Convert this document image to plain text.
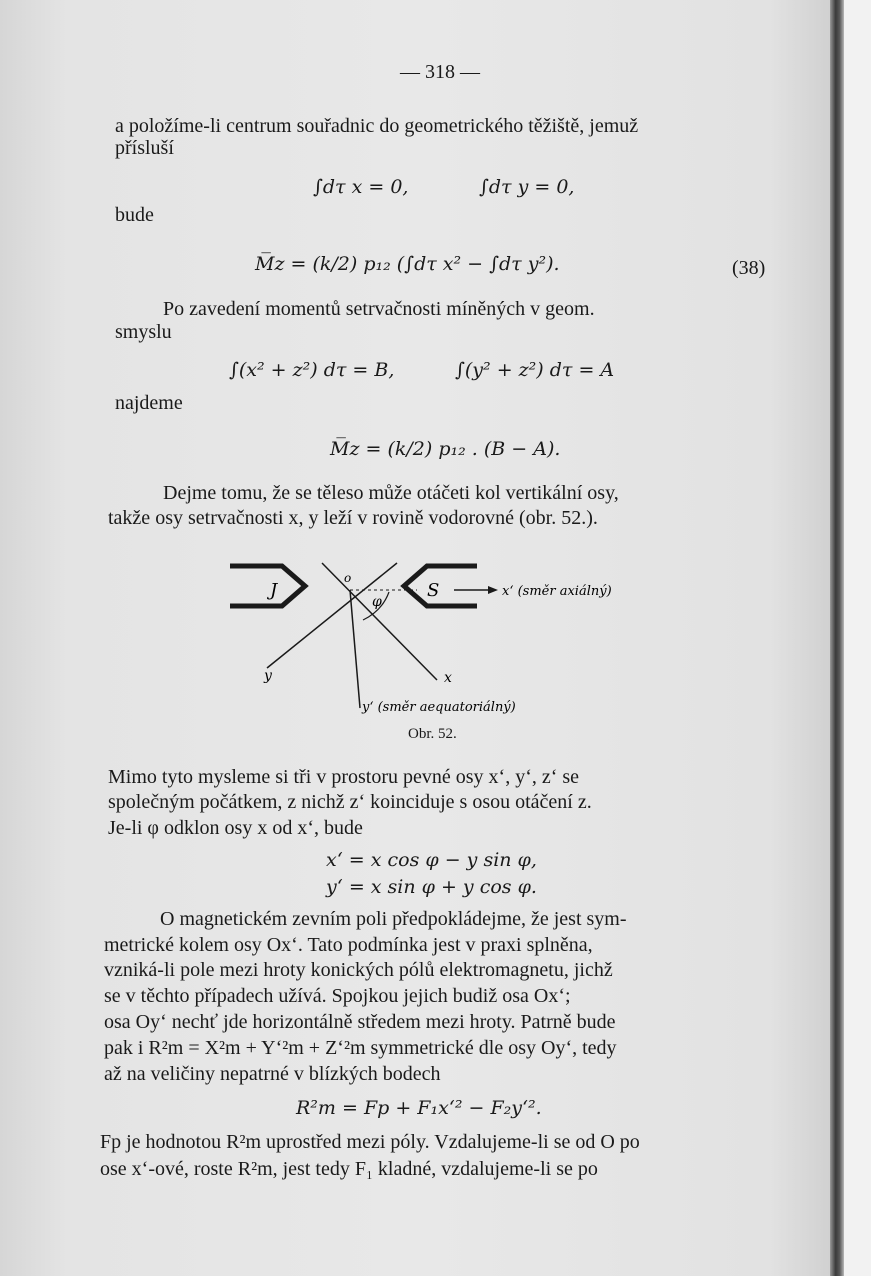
— 318 —
a položíme-li centrum souřadnic do geometrického těžiště, jemuž
přísluší
∫dτ x = 0,	∫dτ y = 0,
bude
M̅z = (k/2) p₁₂ (∫dτ x² − ∫dτ y²).	(38)
Po zavedení momentů setrvačnosti míněných v geom.
smyslu
∫(x² + z²) dτ = B,	∫(y² + z²) dτ = A
najdeme
M̅z = (k/2) p₁₂ . (B − A).
Dejme tomu, že se těleso může otáčeti kol vertikální osy,
takže osy setrvačnosti x, y leží v rovině vodorovné (obr. 52.).
J	S
o
φ
x‘ (směr axiálný)
x
y
y‘ (směr aequatoriálný)
Obr. 52.
Mimo tyto mysleme si tři v prostoru pevné osy x‘, y‘, z‘ se
společným počátkem, z nichž z‘ koinciduje s osou otáčení z.
Je-li φ odklon osy x od x‘, bude
x‘ = x cos φ − y sin φ,
y‘ = x sin φ + y cos φ.
O magnetickém zevním poli předpokládejme, že jest sym-
metrické kolem osy Ox‘. Tato podmínka jest v praxi splněna,
vzniká-li pole mezi hroty konických pólů elektromagnetu, jichž
se v těchto případech užívá. Spojkou jejich budiž osa Ox‘;
osa Oy‘ nechť jde horizontálně středem mezi hroty. Patrně bude
pak i R²m = X²m + Y‘²m + Z‘²m symmetrické dle osy Oy‘, tedy
až na veličiny nepatrné v blízkých bodech
R²m = Fp + F₁x‘² − F₂y‘².
Fp je hodnotou R²m uprostřed mezi póly. Vzdalujeme-li se od O po
ose x‘-ové, roste R²m, jest tedy F₁ kladné, vzdalujeme-li se po
